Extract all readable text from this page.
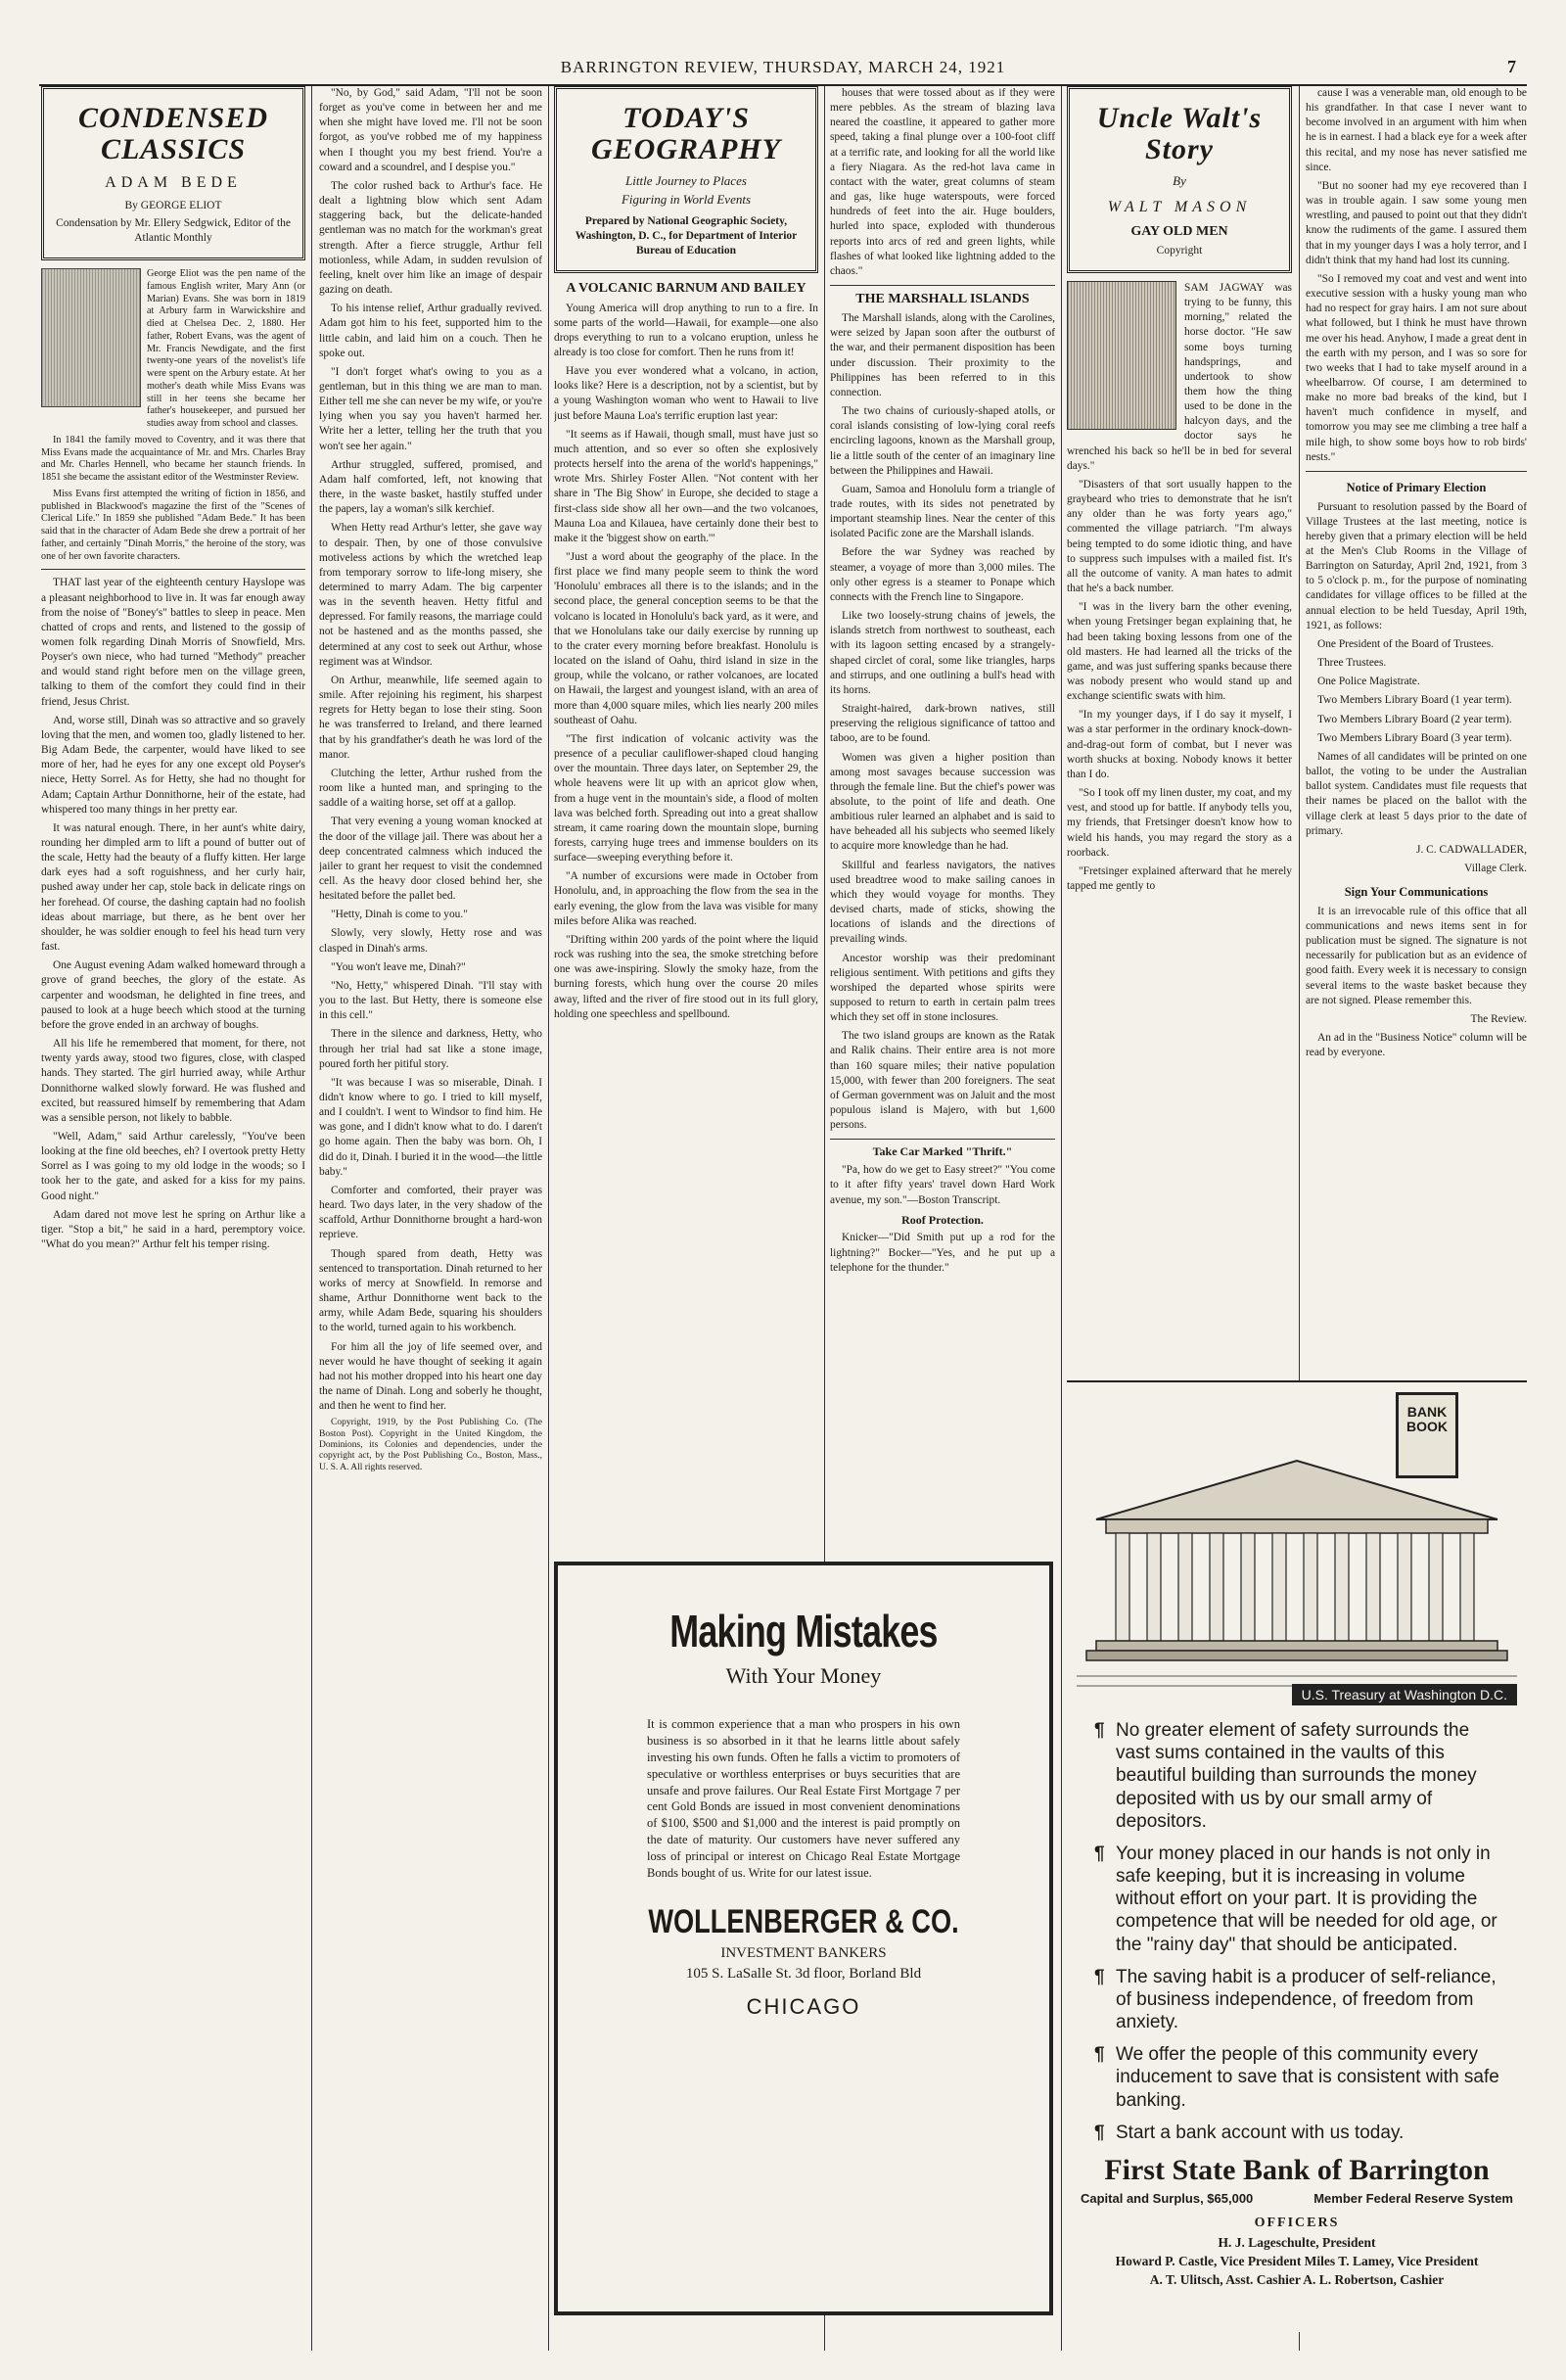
BARRINGTON REVIEW, THURSDAY, MARCH 24, 1921	7
CONDENSED CLASSICS
ADAM BEDE
By GEORGE ELIOT
Condensation by Mr. Ellery Sedgwick, Editor of the Atlantic Monthly
George Eliot was the pen name of the famous English writer, Mary Ann (or Marian) Evans. She was born in 1819 at Arbury farm in Warwickshire and died at Chelsea Dec. 2, 1880. Her father, Robert Evans, was the agent of Mr. Francis Newdigate, and the first twenty-one years of the novelist's life were spent on the Arbury estate. At her mother's death while Miss Evans was still in her teens she became her father's housekeeper, and pursued her studies away from school and classes.

In 1841 the family moved to Coventry, and it was there that Miss Evans made the acquaintance of Mr. and Mrs. Charles Bray and Mr. Charles Hennell, who became her staunch friends. In 1851 she became the assistant editor of the Westminster Review.

Miss Evans first attempted the writing of fiction in 1856, and published in Blackwood's magazine the first of the "Scenes of Clerical Life." In 1859 she published "Adam Bede." It has been said that in the character of Adam Bede she drew a portrait of her father, and certainly "Dinah Morris," the heroine of the story, was one of her own favorite characters.

THAT last year of the eighteenth century Hayslope was a pleasant neighborhood to live in. It was far enough away from the noise of "Boney's" battles to sleep in peace. Men chatted of crops and rents, and listened to the gossip of women folk regarding Dinah Morris of Snowfield, Mrs. Poyser's own niece, who had turned "Methody" preacher and would stand right before men on the village green, talking to them of the comfort they could find in their friend, Jesus Christ.

And, worse still, Dinah was so attractive and so gravely loving that the men, and women too, gladly listened to her. Big Adam Bede, the carpenter, would have liked to see more of her, had he eyes for any one except old Poyser's niece, Hetty Sorrel. As for Hetty, she had no thought for Adam; Captain Arthur Donnithorne, heir of the estate, had whispered too many things in her pretty ear.

It was natural enough. There, in her aunt's white dairy, rounding her dimpled arm to lift a pound of butter out of the scale, Hetty had the beauty of a fluffy kitten. Her large dark eyes had a soft roguishness, and her curly hair, pushed away under her cap, stole back in delicate rings on her forehead. Of course, the dashing captain had no foolish ideas about marriage, but there, as he bent over her shoulder, he was soldier enough to feel his head turn very fast.

One August evening Adam walked homeward through a grove of grand beeches, the glory of the estate. As carpenter and woodsman, he delighted in fine trees, and paused to look at a huge beech which stood at the turning before the grove ended in an archway of boughs.

All his life he remembered that moment, for there, not twenty yards away, stood two figures, close, with clasped hands. They started. The girl hurried away, while Arthur Donnithorne walked slowly forward. He was flushed and excited, but reassured himself by remembering that Adam was a sensible person, not likely to babble.

"Well, Adam," said Arthur carelessly, "You've been looking at the fine old beeches, eh? I overtook pretty Hetty Sorrel as I was going to my old lodge in the woods; so I took her to the gate, and asked for a kiss for my pains. Good night."

Adam dared not move lest he spring on Arthur like a tiger. "Stop a bit," he said in a hard, peremptory voice. "What do you mean?" Arthur felt his temper rising.

"No, by God," said Adam, "I'll not be soon forget as you've come in between her and me when she might have loved me. I'll not be soon forgot, as you've robbed me of my happiness when I thought you my best friend. You're a coward and a scoundrel, and I despise you."

The color rushed back to Arthur's face. He dealt a lightning blow which sent Adam staggering back, but the delicate-handed gentleman was no match for the workman's great strength. After a fierce struggle, Arthur fell motionless, while Adam, in sudden revulsion of feeling, knelt over him like an image of despair gazing on death.

To his intense relief, Arthur gradually revived. Adam got him to his feet, supported him to the little cabin, and laid him on a couch. Then he spoke out.

"I don't forget what's owing to you as a gentleman, but in this thing we are man to man. Either tell me she can never be my wife, or you're lying when you say you haven't harmed her. Write her a letter, telling her the truth that you won't see her again."

Arthur struggled, suffered, promised, and Adam half comforted, left, not knowing that there, in the waste basket, hastily stuffed under the papers, lay a woman's silk kerchief.

When Hetty read Arthur's letter, she gave way to despair. Then, by one of those convulsive motiveless actions by which the wretched leap from temporary sorrow to life-long misery, she determined to marry Adam. The big carpenter was in the seventh heaven. Hetty fitful and depressed. For family reasons, the marriage could not be hastened and as the months passed, she determined at any cost to seek out Arthur, whose regiment was at Windsor.

On Arthur, meanwhile, life seemed again to smile. After rejoining his regiment, his sharpest regrets for Hetty began to lose their sting. Soon he was transferred to Ireland, and there learned that by his grandfather's death he was lord of the manor.

Clutching the letter, Arthur rushed from the room like a hunted man, and springing to the saddle of a waiting horse, set off at a gallop.

That very evening a young woman knocked at the door of the village jail. There was about her a deep concentrated calmness which induced the jailer to grant her request to visit the condemned cell. As the heavy door closed behind her, she hesitated before the pallet bed.

"Hetty, Dinah is come to you."

Slowly, very slowly, Hetty rose and was clasped in Dinah's arms.

"You won't leave me, Dinah?"

"No, Hetty," whispered Dinah. "I'll stay with you to the last. But Hetty, there is someone else in this cell."

There in the silence and darkness, Hetty, who through her trial had sat like a stone image, poured forth her pitiful story.

"It was because I was so miserable, Dinah. I didn't know where to go. I tried to kill myself, and I couldn't. I went to Windsor to find him. He was gone, and I didn't know what to do. I daren't go home again. Then the baby was born. Oh, I did do it, Dinah. I buried it in the wood—the little baby."

Comforter and comforted, their prayer was heard. Two days later, in the very shadow of the scaffold, Arthur Donnithorne brought a hard-won reprieve.

Though spared from death, Hetty was sentenced to transportation. Dinah returned to her works of mercy at Snowfield. In remorse and shame, Arthur Donnithorne went back to the army, while Adam Bede, squaring his shoulders to the world, turned again to his workbench.

For him all the joy of life seemed over, and never would he have thought of seeking it again had not his mother dropped into his heart one day the name of Dinah. Long and soberly he thought, and then he went to find her.

Copyright, 1919, by the Post Publishing Co. (The Boston Post). Copyright in the United Kingdom, the Dominions, its Colonies and dependencies, under the copyright act, by the Post Publishing Co., Boston, Mass., U. S. A. All rights reserved.

TODAY'S GEOGRAPHY
Little Journey to Places
Figuring in World Events
Prepared by National Geographic Society, Washington, D. C., for Department of Interior Bureau of Education
A VOLCANIC BARNUM AND BAILEY

Young America will drop anything to run to a fire. In some parts of the world—Hawaii, for example—one also drops everything to run to a volcano eruption, unless he already is too close for comfort. Then he runs from it!

Have you ever wondered what a volcano, in action, looks like? Here is a description, not by a scientist, but by a young Washington woman who went to Hawaii to live just before Mauna Loa's terrific eruption last year:

"It seems as if Hawaii, though small, must have just so much attention, and so ever so often she explosively protects herself into the arena of the world's happenings," wrote Mrs. Shirley Foster Allen. "Not content with her share in 'The Big Show' in Europe, she decided to stage a first-class side show all her own—and the two volcanoes, Mauna Loa and Kilauea, have certainly done their best to make it the 'biggest show on earth.'"

"Just a word about the geography of the place. In the first place we find many people seem to think the word 'Honolulu' embraces all there is to the islands; and in the second place, the general conception seems to be that the volcano is located in Honolulu's back yard, as it were, and that we Honolulans take our daily exercise by running up to the crater every morning before breakfast. Honolulu is located on the island of Oahu, third island in size in the group, while the volcano, or rather volcanoes, are located on Hawaii, the largest and youngest island, with an area of more than 4,000 square miles, which lies nearly 200 miles southeast of Oahu.

"The first indication of volcanic activity was the presence of a peculiar cauliflower-shaped cloud hanging over the mountain. Three days later, on September 29, the whole heavens were lit up with an apricot glow when, from a huge vent in the mountain's side, a flood of molten lava was belched forth. Spreading out into a great shallow stream, it came roaring down the mountain slope, burning forests, carrying huge trees and immense boulders on its surface—sweeping everything before it.

"A number of excursions were made in October from Honolulu, and, in approaching the flow from the sea in the early evening, the glow from the lava was visible for many miles before Alika was reached.

"Drifting within 200 yards of the point where the liquid rock was rushing into the sea, the smoke stretching before one was awe-inspiring. Slowly the smoky haze, from the burning forests, which hung over the course 20 miles away, lifted and the river of fire stood out in its full glory, holding one speechless and spellbound.

houses that were tossed about as if they were mere pebbles. As the stream of blazing lava neared the coastline, it appeared to gather more speed, taking a final plunge over a 100-foot cliff at a terrific rate, and looking for all the world like a fiery Niagara. As the red-hot lava came in contact with the water, great columns of steam and gas, like huge waterspouts, were forced hundreds of feet into the air. Huge boulders, hurled into space, exploded with thunderous reports into arcs of red and green lights, while flashes of what looked like lightning added to the chaos."

THE MARSHALL ISLANDS

The Marshall islands, along with the Carolines, were seized by Japan soon after the outburst of the war, and their permanent disposition has been under discussion. Their proximity to the Philippines has been referred to in this connection.

The two chains of curiously-shaped atolls, or coral islands consisting of low-lying coral reefs encircling lagoons, known as the Marshall group, lie a little south of the center of an imaginary line between the Philippines and Hawaii.

Guam, Samoa and Honolulu form a triangle of trade routes, with its sides not penetrated by important steamship lines. Near the center of this isolated Pacific zone are the Marshall islands.

Before the war Sydney was reached by steamer, a voyage of more than 3,000 miles. The only other egress is a steamer to Ponape which connects with the French line to Singapore.

Like two loosely-strung chains of jewels, the islands stretch from northwest to southeast, each with its lagoon setting encased by a strangely-shaped circlet of coral, some like triangles, harps and stirrups, and one outlining a bull's head with its horns.

Straight-haired, dark-brown natives, still preserving the religious significance of tattoo and taboo, are to be found.

Women was given a higher position than among most savages because succession was through the female line. But the chief's power was absolute, to the point of life and death. One ambitious ruler learned an alphabet and is said to have beheaded all his subjects who seemed likely to acquire more knowledge than he had.

Skillful and fearless navigators, the natives used breadtree wood to make sailing canoes in which they would voyage for months. They devised charts, made of sticks, showing the locations of islands and the directions of prevailing winds.

Ancestor worship was their predominant religious sentiment. With petitions and gifts they worshiped the departed whose spirits were supposed to return to earth in certain palm trees which they set off in stone inclosures.

The two island groups are known as the Ratak and Ralik chains. Their entire area is not more than 160 square miles; their native population 15,000, with fewer than 200 foreigners. The seat of German government was on Jaluit and the most populous island is Majero, with but 1,600 persons.

Take Car Marked "Thrift."

"Pa, how do we get to Easy street?" "You come to it after fifty years' travel down Hard Work avenue, my son."—Boston Transcript.

Roof Protection.

Knicker—"Did Smith put up a rod for the lightning?" Bocker—"Yes, and he put up a telephone for the thunder."

Uncle Walt's Story
By
WALT MASON
GAY OLD MEN
Copyright

SAM JAGWAY was trying to be funny, this morning," related the horse doctor. "He saw some boys turning handsprings, and undertook to show them how the thing used to be done in the halcyon days, and the doctor says he wrenched his back so he'll be in bed for several days."

"Disasters of that sort usually happen to the graybeard who tries to demonstrate that he isn't any older than he was forty years ago," commented the village patriarch. "I'm always being tempted to do some idiotic thing, and have to suppress such impulses with a mailed fist. It's all the outcome of vanity. A man hates to admit that he's a back number.

"I was in the livery barn the other evening, when young Fretsinger began explaining that, he had been taking boxing lessons from one of the old masters. He had learned all the tricks of the game, and was just suffering spanks because there was nobody present who would stand up and exchange scientific swats with him.

"In my younger days, if I do say it myself, I was a star performer in the ordinary knock-down-and-drag-out form of combat, but I never was worth shucks at boxing. Nobody knows it better than I do.

"So I took off my linen duster, my coat, and my vest, and stood up for battle. If anybody tells you, my friends, that Fretsinger doesn't know how to wield his hands, you may regard the story as a roorback.

"Fretsinger explained afterward that he merely tapped me gently to

cause I was a venerable man, old enough to be his grandfather. In that case I never want to become involved in an argument with him when he is in earnest. I had a black eye for a week after this recital, and my nose has never satisfied me since.

"But no sooner had my eye recovered than I was in trouble again. I saw some young men wrestling, and paused to point out that they didn't know the rudiments of the game. I assured them that in my younger days I was a holy terror, and I didn't think that my hand had lost its cunning.

"So I removed my coat and vest and went into executive session with a husky young man who had no respect for gray hairs. I am not sure about what followed, but I think he must have thrown me over his head. Anyhow, I made a great dent in the earth with my person, and I was so sore for two weeks that I had to take myself around in a wheelbarrow. Of course, I am determined to make no more bad breaks of the kind, but I haven't much confidence in myself, and tomorrow you may see me climbing a tree half a mile high, to show some boys how to rob birds' nests."

Notice of Primary Election

Pursuant to resolution passed by the Board of Village Trustees at the last meeting, notice is hereby given that a primary election will be held at the Men's Club Rooms in the Village of Barrington on Saturday, April 2nd, 1921, from 3 to 5 o'clock p. m., for the purpose of nominating candidates for village offices to be filled at the annual election to be held Tuesday, April 19th, 1921, as follows:

One President of the Board of Trustees.

Three Trustees.

One Police Magistrate.

Two Members Library Board (1 year term).

Two Members Library Board (2 year term).

Two Members Library Board (3 year term).

Names of all candidates will be printed on one ballot, the voting to be under the Australian ballot system. Candidates must file requests that their names be placed on the ballot with the village clerk at least 5 days prior to the date of primary.

J. C. CADWALLADER,

Village Clerk.

Sign Your Communications

It is an irrevocable rule of this office that all communications and news items sent in for publication must be signed. The signature is not necessarily for publication but as an evidence of good faith. Every week it is necessary to consign several items to the waste basket because they are not signed. Please remember this.

The Review.

An ad in the "Business Notice" column will be read by everyone.

Making Mistakes
With Your Money
It is common experience that a man who prospers in his own business is so absorbed in it that he learns little about safely investing his own funds. Often he falls a victim to promoters of speculative or worthless enterprises or buys securities that are unsafe and prove failures. Our Real Estate First Mortgage 7 per cent Gold Bonds are issued in most convenient denominations of $100, $500 and $1,000 and the interest is paid promptly on the date of maturity. Our customers have never suffered any loss of principal or interest on Chicago Real Estate Mortgage Bonds bought of us. Write for our latest issue.
WOLLENBERGER & CO.
INVESTMENT BANKERS
105 S. LaSalle St. 3d floor, Borland Bld
CHICAGO
BANK BOOK
U.S. Treasury at Washington D.C.
¶ No greater element of safety surrounds the vast sums contained in the vaults of this beautiful building than surrounds the money deposited with us by our small army of depositors.
¶ Your money placed in our hands is not only in safe keeping, but it is increasing in volume without effort on your part. It is providing the competence that will be needed for old age, or the "rainy day" that should be anticipated.
¶ The saving habit is a producer of self-reliance, of business independence, of freedom from anxiety.
¶ We offer the people of this community every inducement to save that is consistent with safe banking.
¶ Start a bank account with us today.
First State Bank of Barrington
Capital and Surplus, $65,000	Member Federal Reserve System
OFFICERS
H. J. Lageschulte, President
Howard P. Castle, Vice President Miles T. Lamey, Vice President
A. T. Ulitsch, Asst. Cashier A. L. Robertson, Cashier
